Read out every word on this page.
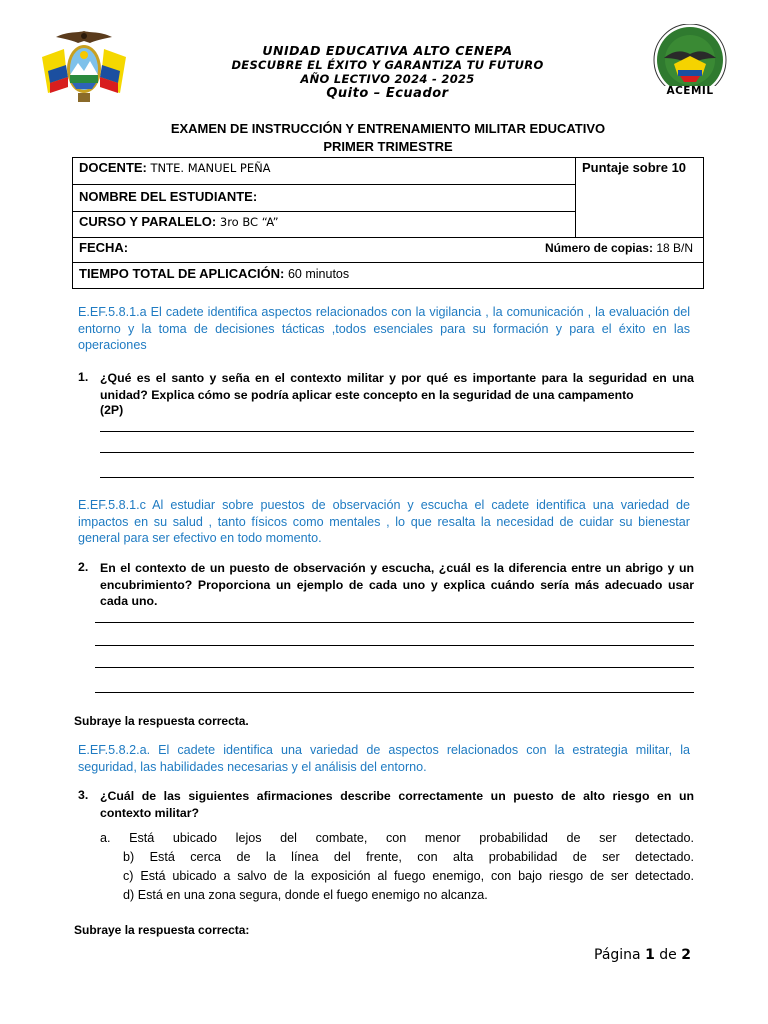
ACEMIL
UNIDAD EDUCATIVA ALTO CENEPA
DESCUBRE EL ÉXITO Y GARANTIZA TU FUTURO
AÑO LECTIVO 2024 - 2025
Quito – Ecuador
EXAMEN DE INSTRUCCIÓN Y ENTRENAMIENTO MILITAR EDUCATIVO
PRIMER TRIMESTRE
DOCENTE: TNTE. MANUEL PEÑA	Puntaje sobre 10
NOMBRE DEL ESTUDIANTE:
CURSO Y PARALELO: 3ro BC “A”
FECHA:	Número de copias: 18 B/N

TIEMPO TOTAL DE APLICACIÓN: 60 minutos
E.EF.5.8.1.a El cadete identifica aspectos relacionados con la vigilancia , la comunicación , la evaluación del entorno y la toma de decisiones tácticas ,todos esenciales para su formación y para el éxito en las operaciones
1. ¿Qué es el santo y seña en el contexto militar y por qué es importante para la seguridad en una unidad? Explica cómo se podría aplicar este concepto en la seguridad de una campamento
(2P)
E.EF.5.8.1.c Al estudiar sobre puestos de observación y escucha el cadete identifica una variedad de impactos en su salud , tanto físicos como mentales , lo que resalta la necesidad de cuidar su bienestar general para ser efectivo en todo momento.
2. En el contexto de un puesto de observación y escucha, ¿cuál es la diferencia entre un abrigo y un encubrimiento? Proporciona un ejemplo de cada uno y explica cuándo sería más adecuado usar cada uno.
Subraye la respuesta correcta.
E.EF.5.8.2.a. El cadete identifica una variedad de aspectos relacionados con la estrategia militar, la seguridad, las habilidades necesarias y el análisis del entorno.
3. ¿Cuál de las siguientes afirmaciones describe correctamente un puesto de alto riesgo en un contexto militar?
a. Está ubicado lejos del combate, con menor probabilidad de ser detectado.
b) Está cerca de la línea del frente, con alta probabilidad de ser detectado.
c) Está ubicado a salvo de la exposición al fuego enemigo, con bajo riesgo de ser detectado.
d) Está en una zona segura, donde el fuego enemigo no alcanza.
Subraye la respuesta correcta:
Página 1 de 2
